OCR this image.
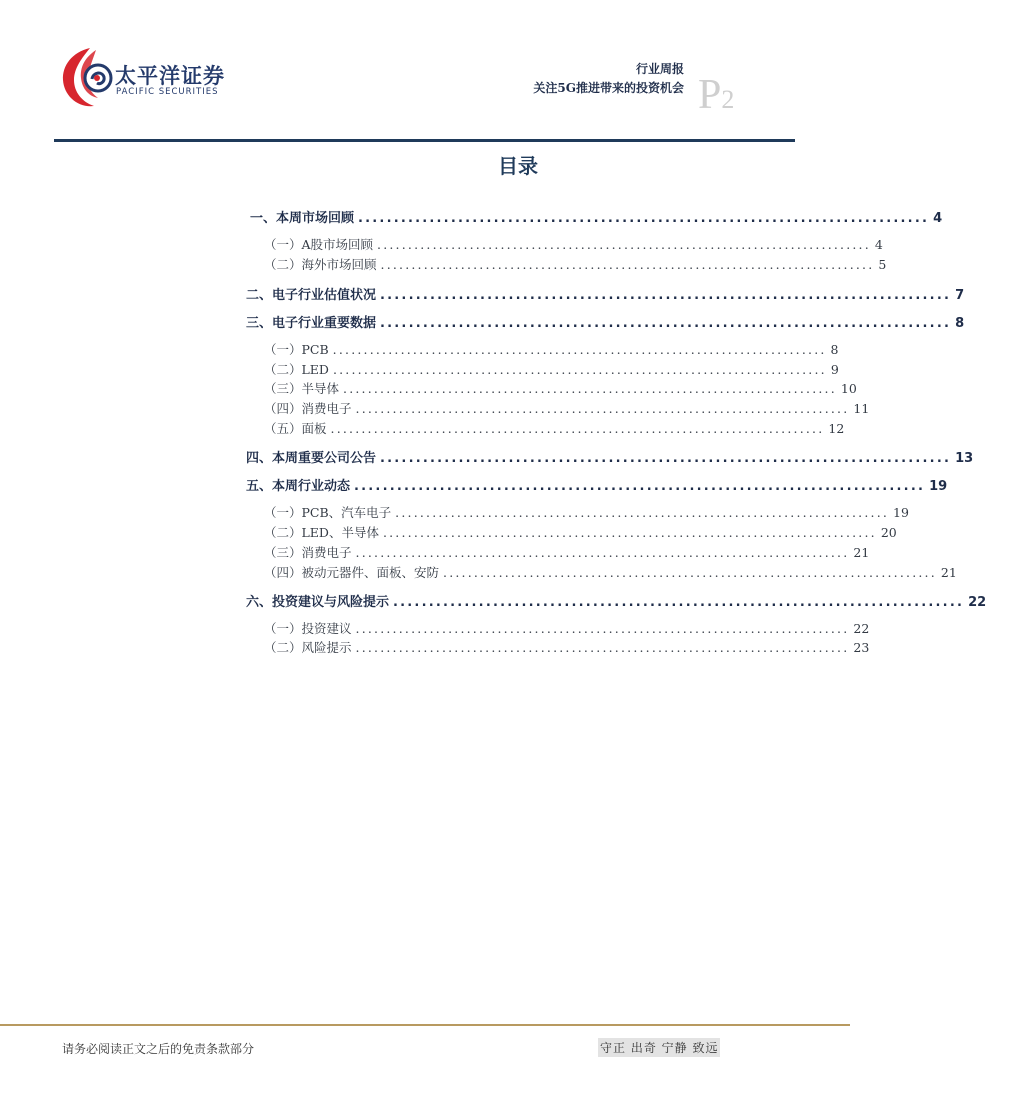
太平洋证券
PACIFIC SECURITIES
行业周报
关注5G推进带来的投资机会 P2
目录
一、本周市场回顾 ................................................................................ 4
（一）A股市场回顾 ................................................................................ 4
（二）海外市场回顾 ................................................................................ 5
二、电子行业估值状况 ................................................................................ 7
三、电子行业重要数据 ................................................................................ 8
（一）PCB ................................................................................ 8
（二）LED ................................................................................ 9
（三）半导体 ................................................................................ 10
（四）消费电子 ................................................................................ 11
（五）面板 ................................................................................ 12
四、本周重要公司公告 ................................................................................ 13
五、本周行业动态 ................................................................................ 19
（一）PCB、汽车电子 ................................................................................ 19
（二）LED、半导体 ................................................................................ 20
（三）消费电子 ................................................................................ 21
（四）被动元器件、面板、安防 ................................................................................ 21
六、投资建议与风险提示 ................................................................................ 22
（一）投资建议 ................................................................................ 22
（二）风险提示 ................................................................................ 23
请务必阅读正文之后的免责条款部分	守正 出奇 宁静 致远
